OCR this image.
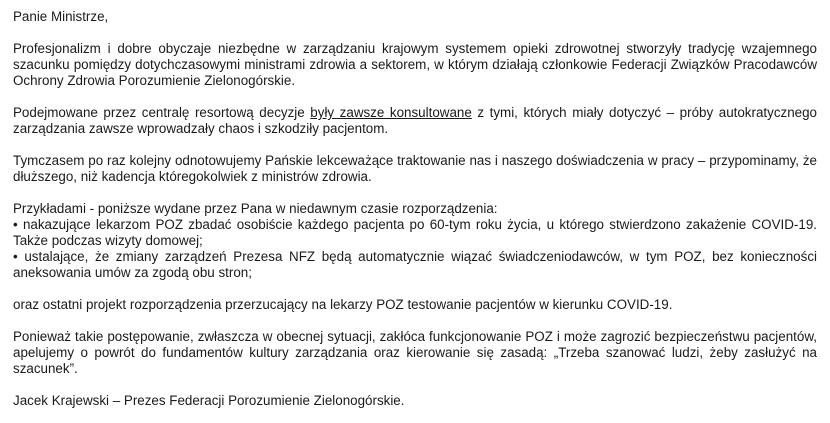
Panie Ministrze,

Profesjonalizm i dobre obyczaje niezbędne w zarządzaniu krajowym systemem opieki zdrowotnej stworzyły tradycję wzajemnego szacunku pomiędzy dotychczasowymi ministrami zdrowia a sektorem, w którym działają członkowie Federacji Związków Pracodawców Ochrony Zdrowia Porozumienie Zielonogórskie.

Podejmowane przez centralę resortową decyzje były zawsze konsultowane z tymi, których miały dotyczyć – próby autokratycznego zarządzania zawsze wprowadzały chaos i szkodziły pacjentom.

Tymczasem po raz kolejny odnotowujemy Pańskie lekceważące traktowanie nas i naszego doświadczenia w pracy – przypominamy, że dłuższego, niż kadencja któregokolwiek z ministrów zdrowia.

Przykładami - poniższe wydane przez Pana w niedawnym czasie rozporządzenia:
• nakazujące lekarzom POZ zbadać osobiście każdego pacjenta po 60-tym roku życia, u którego stwierdzono zakażenie COVID-19. Także podczas wizyty domowej;
• ustalające, że zmiany zarządzeń Prezesa NFZ będą automatycznie wiązać świadczeniodawców, w tym POZ, bez konieczności aneksowania umów za zgodą obu stron;

oraz ostatni projekt rozporządzenia przerzucający na lekarzy POZ testowanie pacjentów w kierunku COVID-19.

Ponieważ takie postępowanie, zwłaszcza w obecnej sytuacji, zakłóca funkcjonowanie POZ i może zagrozić bezpieczeństwu pacjentów, apelujemy o powrót do fundamentów kultury zarządzania oraz kierowanie się zasadą: „Trzeba szanować ludzi, żeby zasłużyć na szacunek”.

Jacek Krajewski – Prezes Federacji Porozumienie Zielonogórskie.
